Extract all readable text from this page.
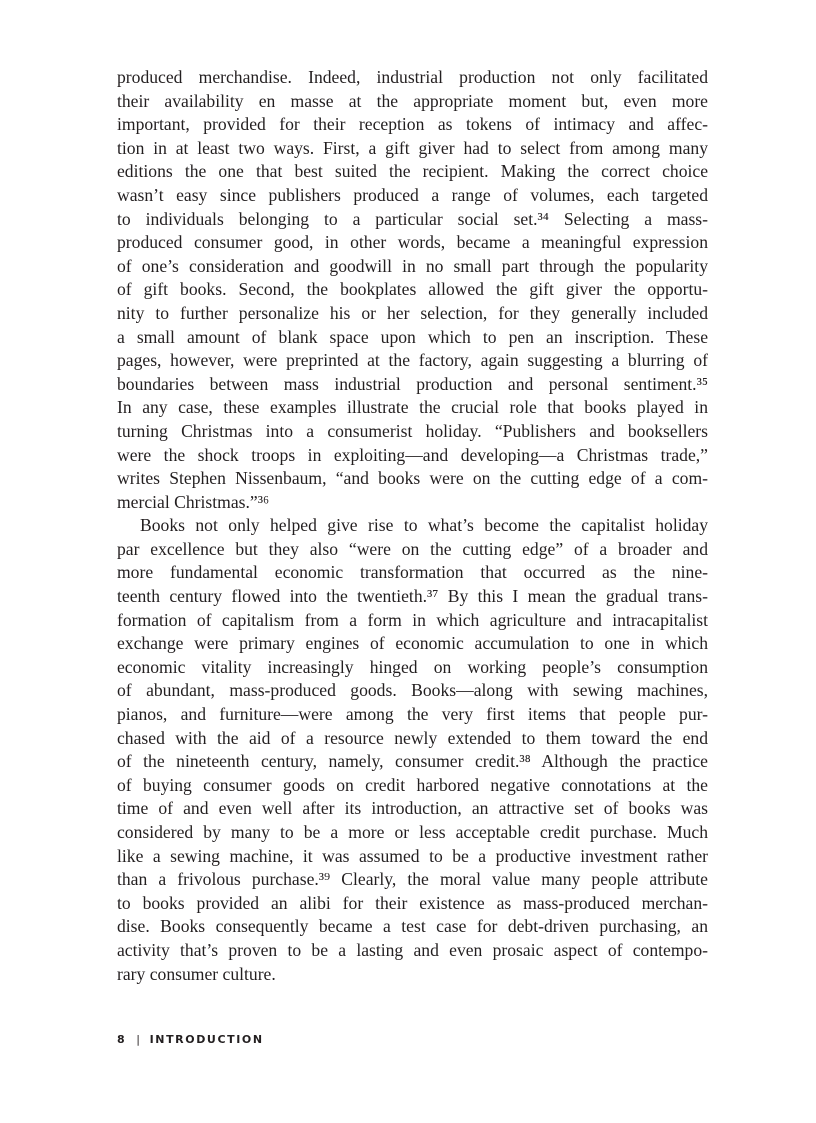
produced merchandise. Indeed, industrial production not only facilitated
their availability en masse at the appropriate moment but, even more
important, provided for their reception as tokens of intimacy and affec-
tion in at least two ways. First, a gift giver had to select from among many
editions the one that best suited the recipient. Making the correct choice
wasn’t easy since publishers produced a range of volumes, each targeted
to individuals belonging to a particular social set.³⁴ Selecting a mass-
produced consumer good, in other words, became a meaningful expression
of one’s consideration and goodwill in no small part through the popularity
of gift books. Second, the bookplates allowed the gift giver the opportu-
nity to further personalize his or her selection, for they generally included
a small amount of blank space upon which to pen an inscription. These
pages, however, were preprinted at the factory, again suggesting a blurring of
boundaries between mass industrial production and personal sentiment.³⁵
In any case, these examples illustrate the crucial role that books played in
turning Christmas into a consumerist holiday. “Publishers and booksellers
were the shock troops in exploiting—and developing—a Christmas trade,”
writes Stephen Nissenbaum, “and books were on the cutting edge of a com-
mercial Christmas.”³⁶
Books not only helped give rise to what’s become the capitalist holiday
par excellence but they also “were on the cutting edge” of a broader and
more fundamental economic transformation that occurred as the nine-
teenth century flowed into the twentieth.³⁷ By this I mean the gradual trans-
formation of capitalism from a form in which agriculture and intracapitalist
exchange were primary engines of economic accumulation to one in which
economic vitality increasingly hinged on working people’s consumption
of abundant, mass-produced goods. Books—along with sewing machines,
pianos, and furniture—were among the very first items that people pur-
chased with the aid of a resource newly extended to them toward the end
of the nineteenth century, namely, consumer credit.³⁸ Although the practice
of buying consumer goods on credit harbored negative connotations at the
time of and even well after its introduction, an attractive set of books was
considered by many to be a more or less acceptable credit purchase. Much
like a sewing machine, it was assumed to be a productive investment rather
than a frivolous purchase.³⁹ Clearly, the moral value many people attribute
to books provided an alibi for their existence as mass-produced merchan-
dise. Books consequently became a test case for debt-driven purchasing, an
activity that’s proven to be a lasting and even prosaic aspect of contempo-
rary consumer culture.
8 | INTRODUCTION
